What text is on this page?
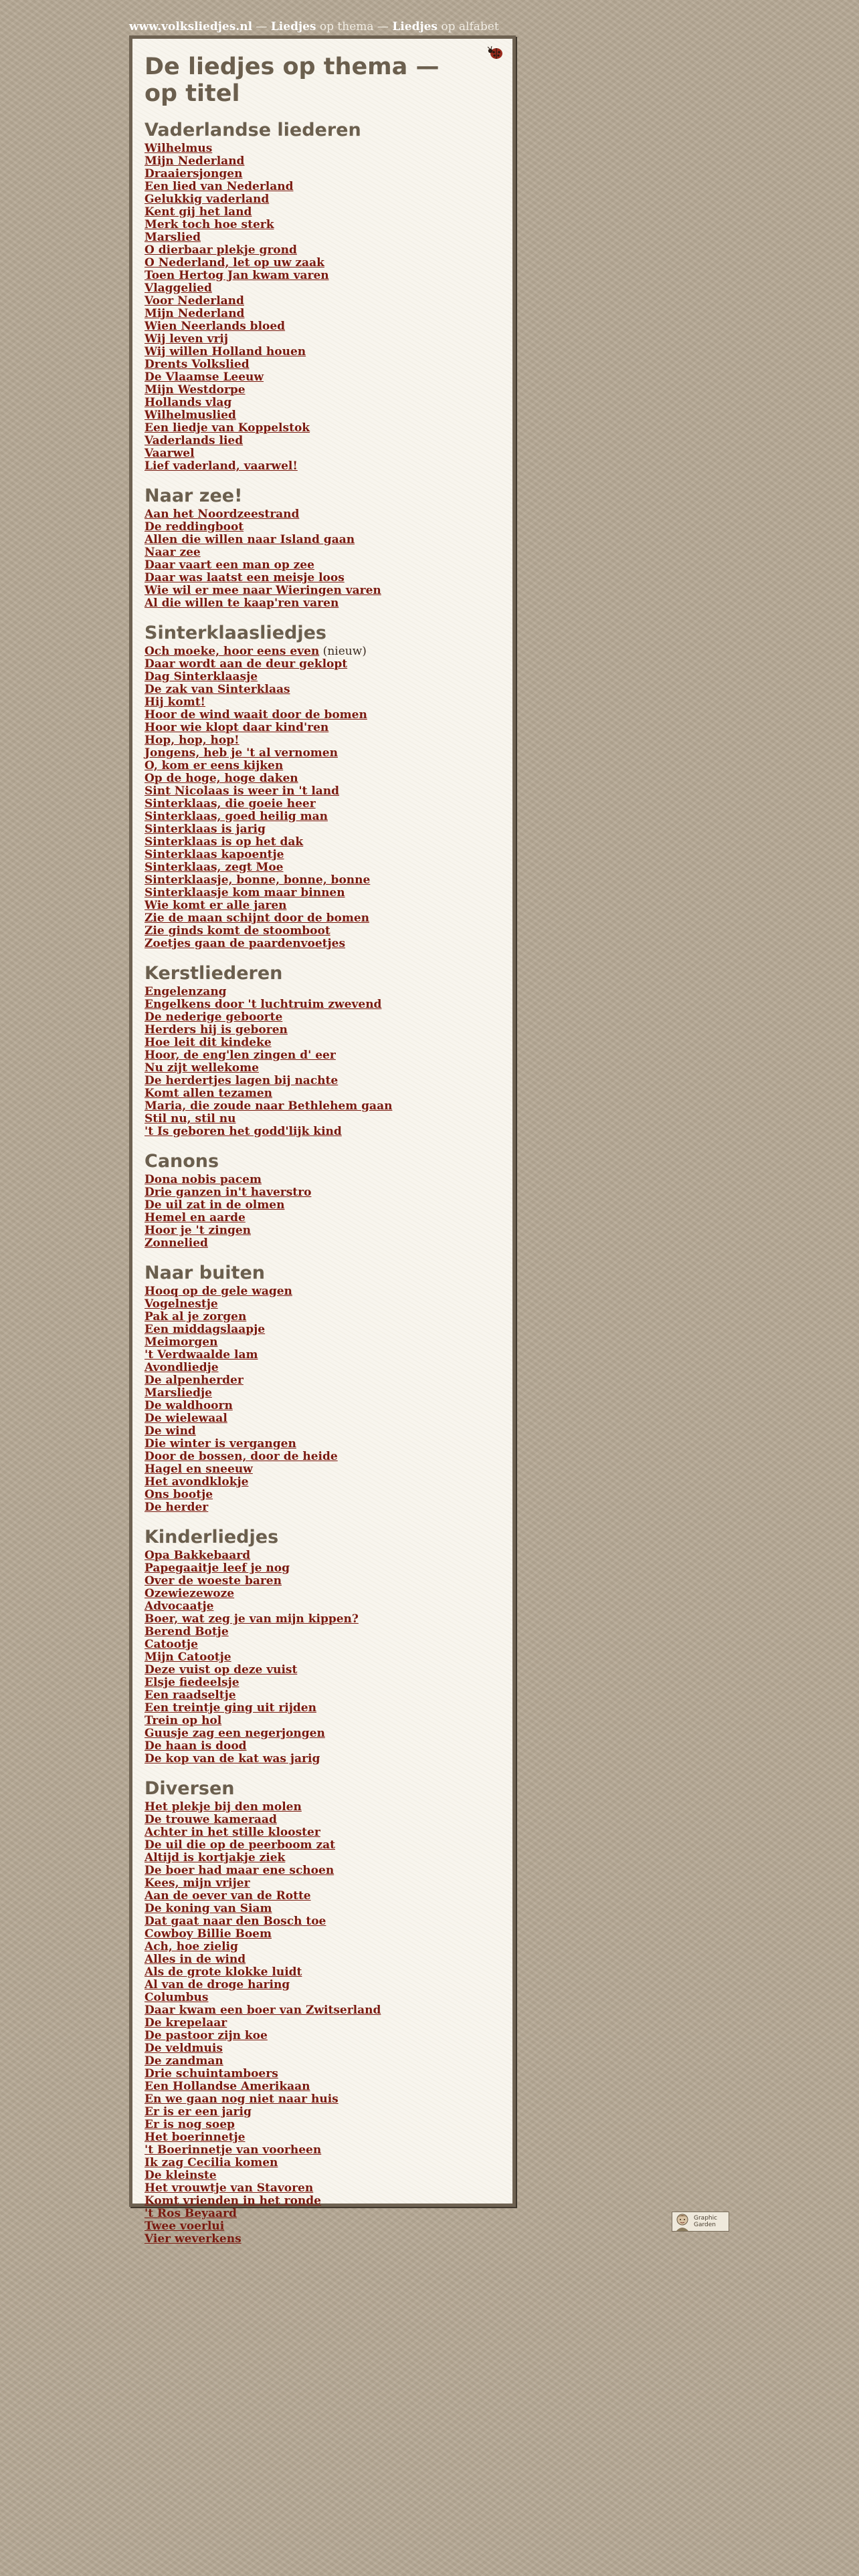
www.volksliedjes.nl — Liedjes op thema — Liedjes op alfabet
De liedjes op thema — op titel
Vaderlandse liederen
Wilhelmus
Mijn Nederland
Draaiersjongen
Een lied van Nederland
Gelukkig vaderland
Kent gij het land
Merk toch hoe sterk
Marslied
O dierbaar plekje grond
O Nederland, let op uw zaak
Toen Hertog Jan kwam varen
Vlaggelied
Voor Nederland
Mijn Nederland
Wien Neerlands bloed
Wij leven vrij
Wij willen Holland houen
Drents Volkslied
De Vlaamse Leeuw
Mijn Westdorpe
Hollands vlag
Wilhelmuslied
Een liedje van Koppelstok
Vaderlands lied
Vaarwel
Lief vaderland, vaarwel!
Naar zee!
Aan het Noordzeestrand
De reddingboot
Allen die willen naar Island gaan
Naar zee
Daar vaart een man op zee
Daar was laatst een meisje loos
Wie wil er mee naar Wieringen varen
Al die willen te kaap'ren varen
Sinterklaasliedjes
Och moeke, hoor eens even (nieuw)
Daar wordt aan de deur geklopt
Dag Sinterklaasje
De zak van Sinterklaas
Hij komt!
Hoor de wind waait door de bomen
Hoor wie klopt daar kind'ren
Hop, hop, hop!
Jongens, heb je 't al vernomen
O, kom er eens kijken
Op de hoge, hoge daken
Sint Nicolaas is weer in 't land
Sinterklaas, die goeie heer
Sinterklaas, goed heilig man
Sinterklaas is jarig
Sinterklaas is op het dak
Sinterklaas kapoentje
Sinterklaas, zegt Moe
Sinterklaasje, bonne, bonne, bonne
Sinterklaasje kom maar binnen
Wie komt er alle jaren
Zie de maan schijnt door de bomen
Zie ginds komt de stoomboot
Zoetjes gaan de paardenvoetjes
Kerstliederen
Engelenzang
Engelkens door 't luchtruim zwevend
De nederige geboorte
Herders hij is geboren
Hoe leit dit kindeke
Hoor, de eng'len zingen d' eer
Nu zijt wellekome
De herdertjes lagen bij nachte
Komt allen tezamen
Maria, die zoude naar Bethlehem gaan
Stil nu, stil nu
't Is geboren het godd'lijk kind
Canons
Dona nobis pacem
Drie ganzen in't haverstro
De uil zat in de olmen
Hemel en aarde
Hoor je 't zingen
Zonnelied
Naar buiten
Hooq op de gele wagen
Vogelnestje
Pak al je zorgen
Een middagslaapje
Meimorgen
't Verdwaalde lam
Avondliedje
De alpenherder
Marsliedje
De waldhoorn
De wielewaal
De wind
Die winter is vergangen
Door de bossen, door de heide
Hagel en sneeuw
Het avondklokje
Ons bootje
De herder
Kinderliedjes
Opa Bakkebaard
Papegaaitje leef je nog
Over de woeste baren
Ozewiezewoze
Advocaatje
Boer, wat zeg je van mijn kippen?
Berend Botje
Catootje
Mijn Catootje
Deze vuist op deze vuist
Elsje fiedeelsje
Een raadseltje
Een treintje ging uit rijden
Trein op hol
Guusje zag een negerjongen
De haan is dood
De kop van de kat was jarig
Diversen
Het plekje bij den molen
De trouwe kameraad
Achter in het stille klooster
De uil die op de peerboom zat
Altijd is kortjakje ziek
De boer had maar ene schoen
Kees, mijn vrijer
Aan de oever van de Rotte
De koning van Siam
Dat gaat naar den Bosch toe
Cowboy Billie Boem
Ach, hoe zielig
Alles in de wind
Als de grote klokke luidt
Al van de droge haring
Columbus
Daar kwam een boer van Zwitserland
De krepelaar
De pastoor zijn koe
De veldmuis
De zandman
Drie schuintamboers
Een Hollandse Amerikaan
En we gaan nog niet naar huis
Er is er een jarig
Er is nog soep
Het boerinnetje
't Boerinnetje van voorheen
Ik zag Cecilia komen
De kleinste
Het vrouwtje van Stavoren
Komt vrienden in het ronde
't Ros Beyaard
Twee voerlui
Vier weverkens
Graphic
Garden
